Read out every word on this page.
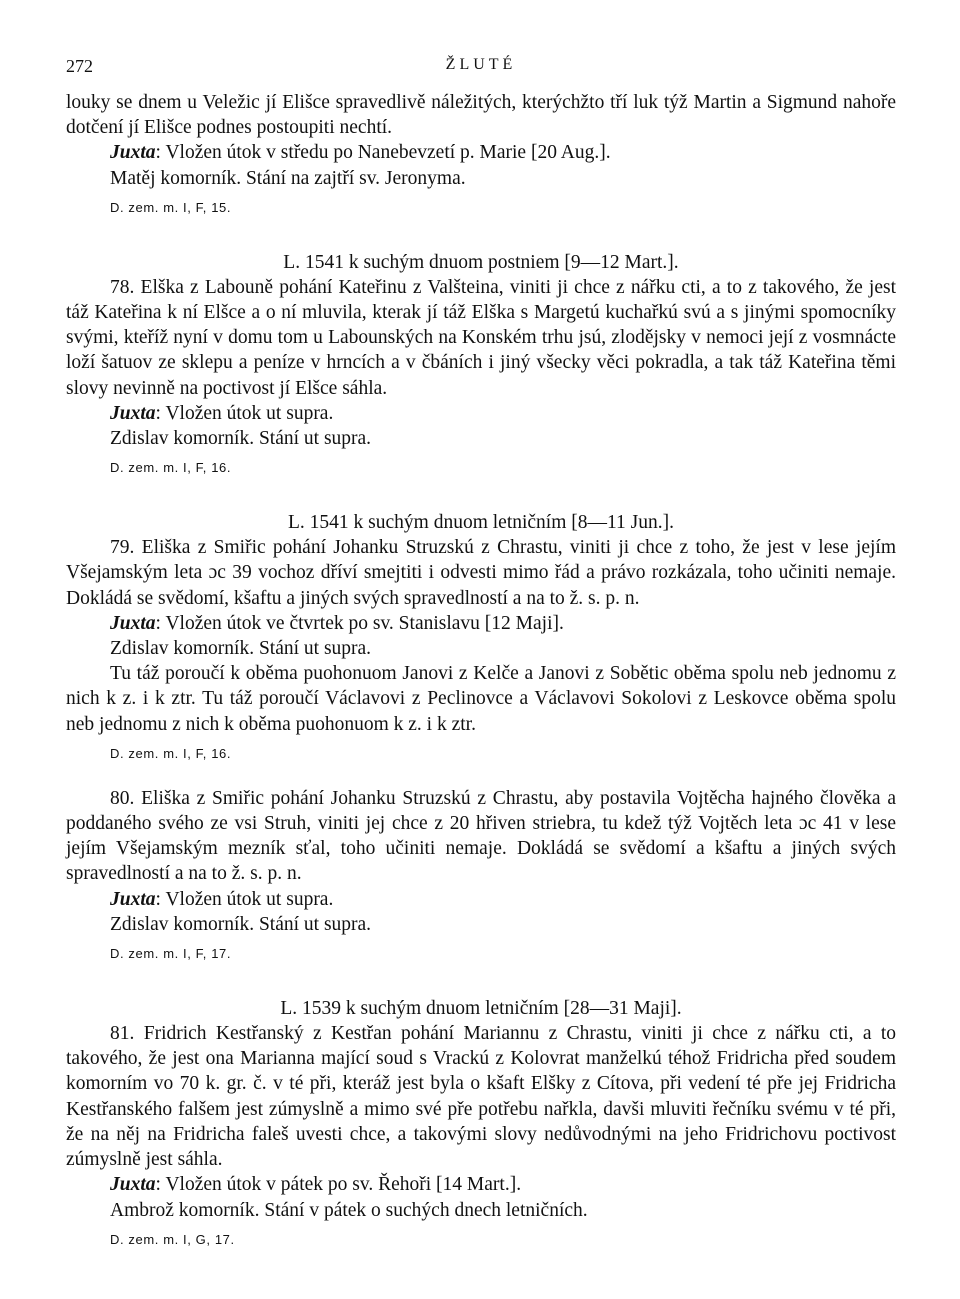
272	ŽLUTÉ

louky se dnem u Veležic jí Elišce spravedlivě náležitých, kterýchžto tří luk týž Martin a Sigmund nahoře dotčení jí Elišce podnes postoupiti nechtí.

Juxta: Vložen útok v středu po Nanebevzetí p. Marie [20 Aug.].

Matěj komorník. Stání na zajtří sv. Jeronyma.

D. zem. m. I, F, 15.
L. 1541 k suchým dnuom postniem [9—12 Mart.].

78. Elška z Labouně pohání Kateřinu z Valšteina, viniti ji chce z nářku cti, a to z takového, že jest táž Kateřina k ní Elšce a o ní mluvila, kterak jí táž Elška s Margetú kuchařkú svú a s jinými spomocníky svými, kteříž nyní v domu tom u Labounských na Konském trhu jsú, zlodějsky v nemoci její z vosmnácte loží šatuov ze sklepu a peníze v hrncích a v čbáních i jiný všecky věci pokradla, a tak táž Kateřina těmi slovy nevinně na poctivost jí Elšce sáhla.

Juxta: Vložen útok ut supra.

Zdislav komorník. Stání ut supra.

D. zem. m. I, F, 16.
L. 1541 k suchým dnuom letničním [8—11 Jun.].

79. Eliška z Smiřic pohání Johanku Struzskú z Chrastu, viniti ji chce z toho, že jest v lese jejím Všejamským leta ɔc 39 vochoz dříví smejtiti i odvesti mimo řád a právo rozkázala, toho učiniti nemaje. Dokládá se svědomí, kšaftu a jiných svých spravedlností a na to ž. s. p. n.

Juxta: Vložen útok ve čtvrtek po sv. Stanislavu [12 Maji].

Zdislav komorník. Stání ut supra.

Tu táž poroučí k oběma puohonuom Janovi z Kelče a Janovi z Sobětic oběma spolu neb jednomu z nich k z. i k ztr. Tu táž poroučí Václavovi z Peclinovce a Václavovi Sokolovi z Leskovce oběma spolu neb jednomu z nich k oběma puohonuom k z. i k ztr.

D. zem. m. I, F, 16.

80. Eliška z Smiřic pohání Johanku Struzskú z Chrastu, aby postavila Vojtěcha hajného člověka a poddaného svého ze vsi Struh, viniti jej chce z 20 hřiven striebra, tu kdež týž Vojtěch leta ɔc 41 v lese jejím Všejamským mezník sťal, toho učiniti nemaje. Dokládá se svědomí a kšaftu a jiných svých spravedlností a na to ž. s. p. n.

Juxta: Vložen útok ut supra.

Zdislav komorník. Stání ut supra.

D. zem. m. I, F, 17.
L. 1539 k suchým dnuom letničním [28—31 Maji].

81. Fridrich Kestřanský z Kestřan pohání Mariannu z Chrastu, viniti ji chce z nářku cti, a to takového, že jest ona Marianna mající soud s Vrackú z Kolovrat manželkú téhož Fridricha před soudem komorním vo 70 k. gr. č. v té při, kteráž jest byla o kšaft Elšky z Cítova, při vedení té pře jej Fridricha Kestřanského falšem jest zúmyslně a mimo své pře potřebu nařkla, davši mluviti řečníku svému v té při, že na něj na Fridricha faleš uvesti chce, a takovými slovy nedůvodnými na jeho Fridrichovu poctivost zúmyslně jest sáhla.

Juxta: Vložen útok v pátek po sv. Řehoři [14 Mart.].

Ambrož komorník. Stání v pátek o suchých dnech letničních.

D. zem. m. I, G, 17.
